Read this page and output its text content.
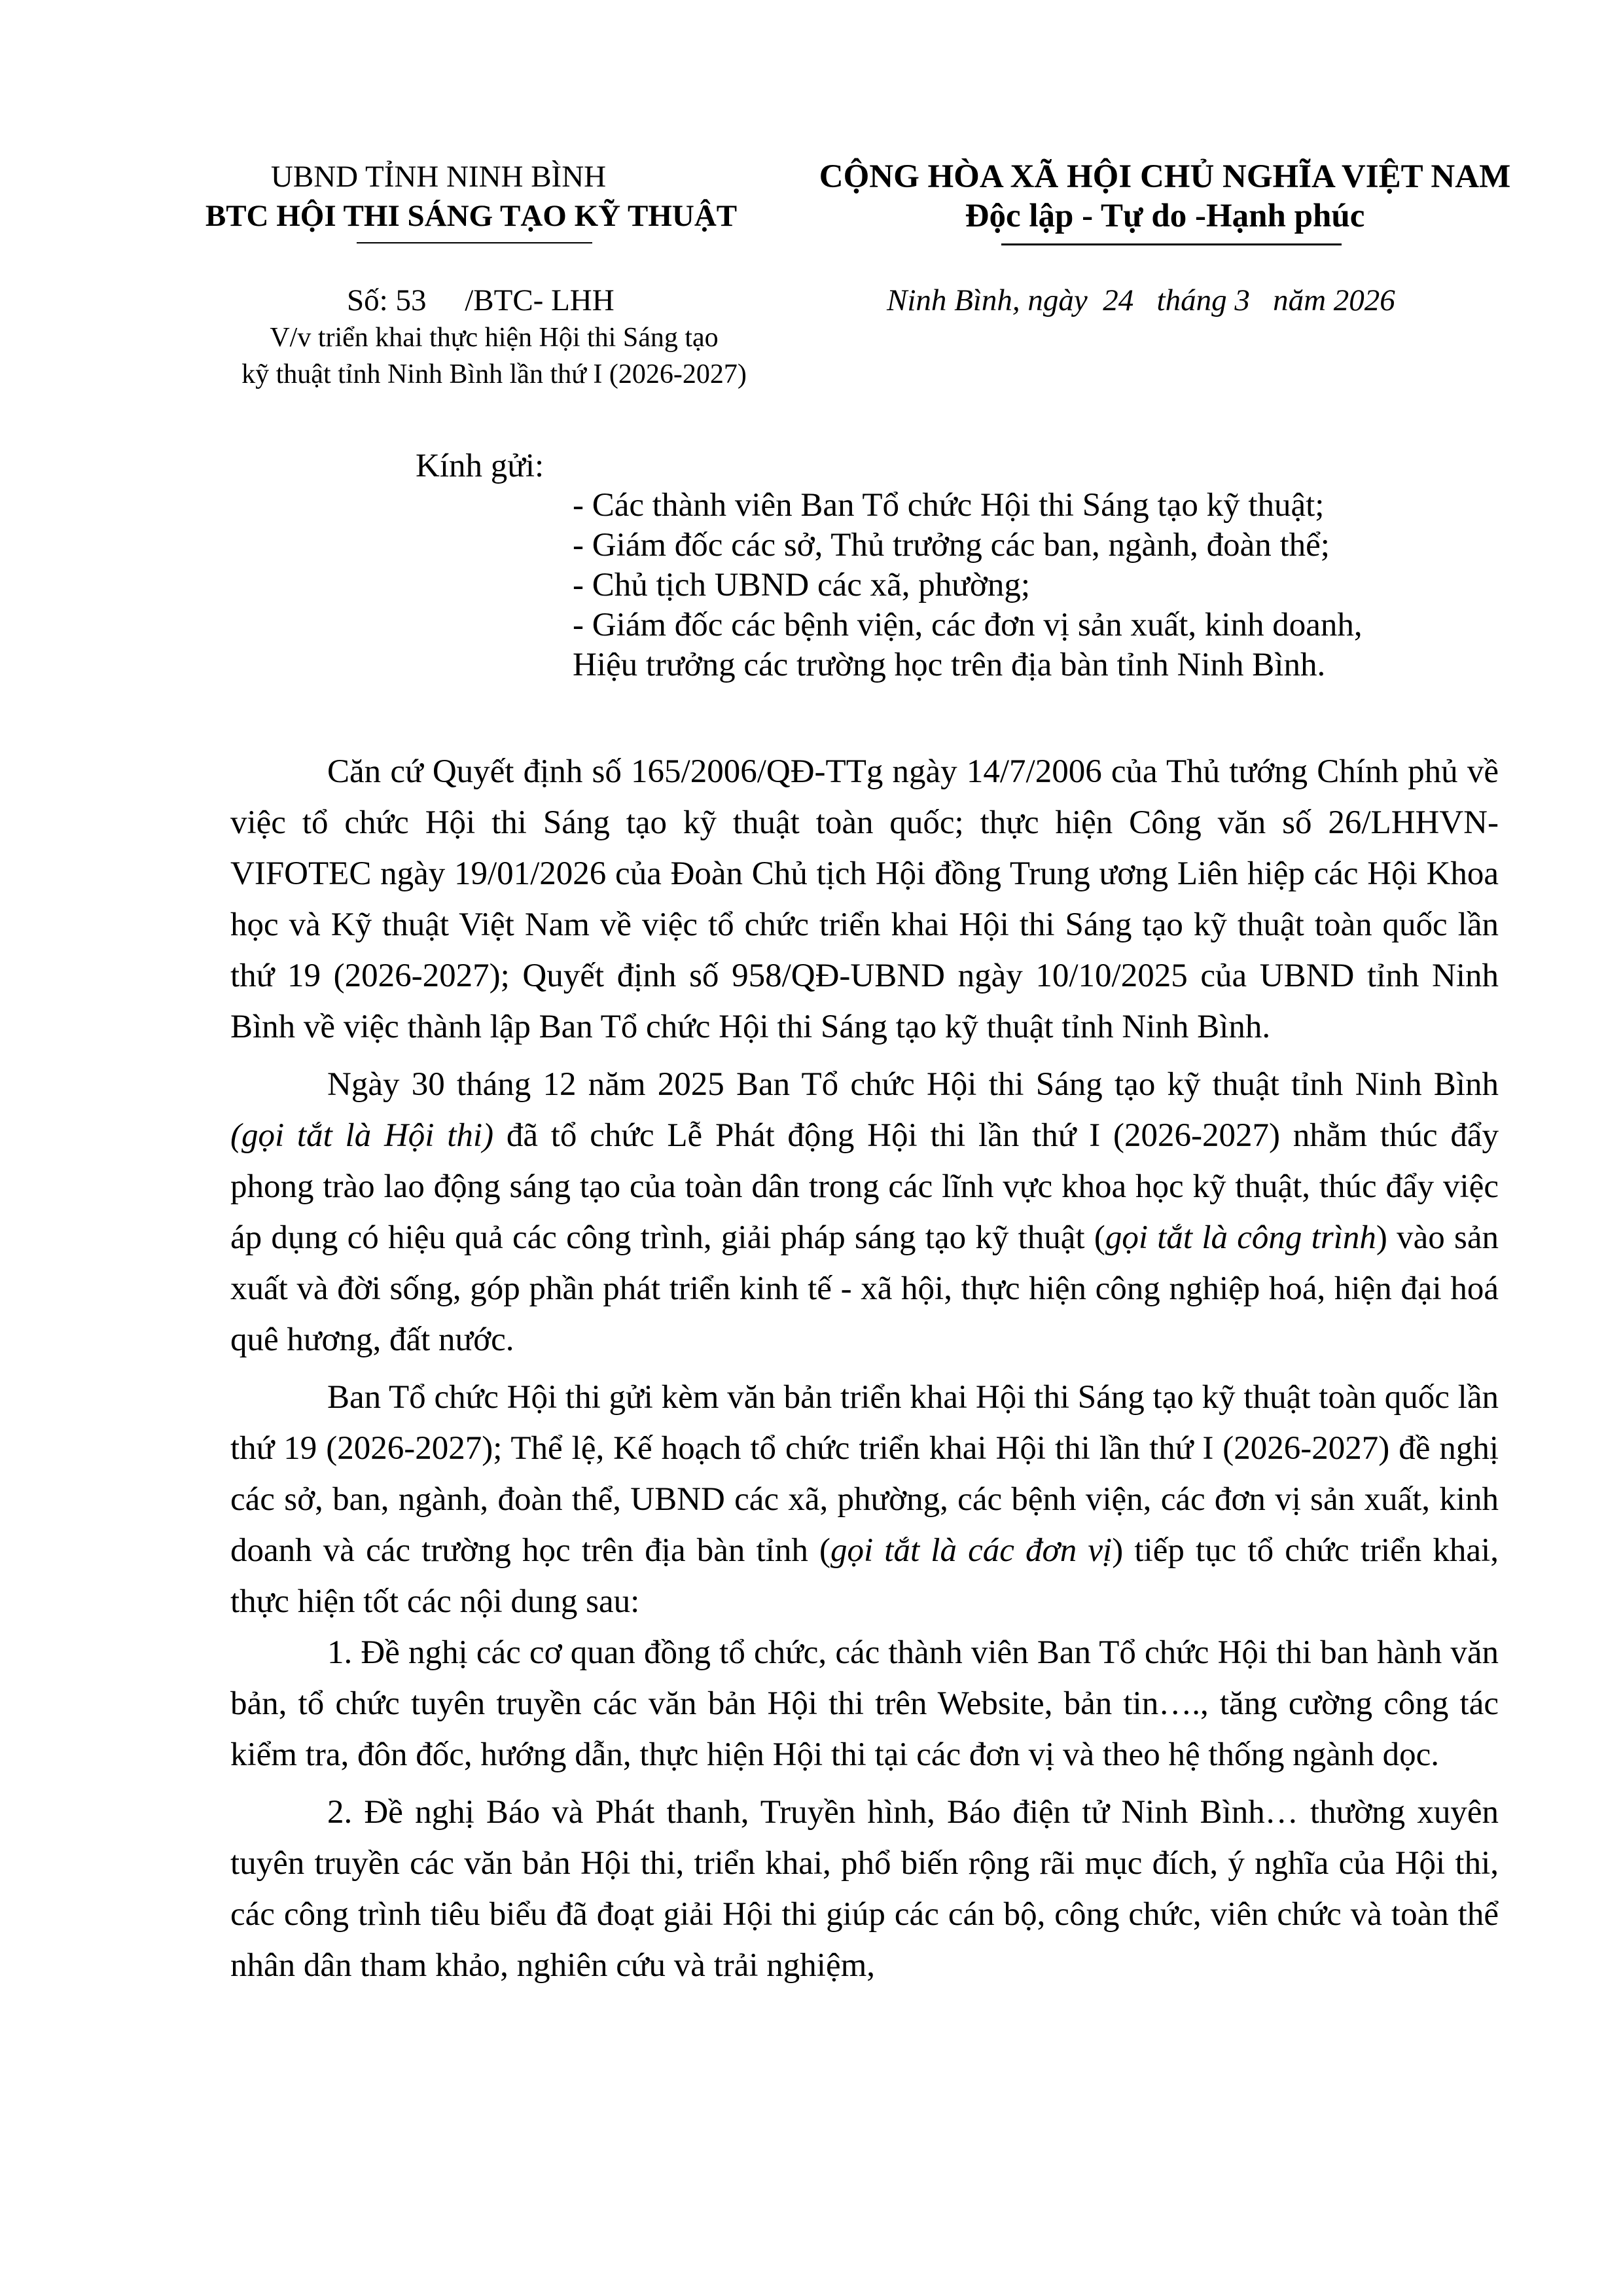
UBND TỈNH NINH BÌNH
BTC HỘI THI SÁNG TẠO KỸ THUẬT
CỘNG HÒA XÃ HỘI CHỦ NGHĨA VIỆT NAM
Độc lập - Tự do -Hạnh phúc
Số: 53     /BTC- LHH	Ninh Bình, ngày  24   tháng 3   năm 2026
V/v triển khai thực hiện Hội thi Sáng tạo
kỹ thuật tỉnh Ninh Bình lần thứ I (2026-2027)
Kính gửi:
- Các thành viên Ban Tổ chức Hội thi Sáng tạo kỹ thuật;
- Giám đốc các sở, Thủ trưởng các ban, ngành, đoàn thể;
- Chủ tịch UBND các xã, phường;
- Giám đốc các bệnh viện, các đơn vị sản xuất, kinh doanh,
Hiệu trưởng các trường học trên địa bàn tỉnh Ninh Bình.

Căn cứ Quyết định số 165/2006/QĐ-TTg ngày 14/7/2006 của Thủ tướng Chính phủ về việc tổ chức Hội thi Sáng tạo kỹ thuật toàn quốc; thực hiện Công văn số 26/LHHVN-VIFOTEC ngày 19/01/2026 của Đoàn Chủ tịch Hội đồng Trung ương Liên hiệp các Hội Khoa học và Kỹ thuật Việt Nam về việc tổ chức triển khai Hội thi Sáng tạo kỹ thuật toàn quốc lần thứ 19 (2026-2027); Quyết định số 958/QĐ-UBND ngày 10/10/2025 của UBND tỉnh Ninh Bình về việc thành lập Ban Tổ chức Hội thi Sáng tạo kỹ thuật tỉnh Ninh Bình.

Ngày 30 tháng 12 năm 2025 Ban Tổ chức Hội thi Sáng tạo kỹ thuật tỉnh Ninh Bình (gọi tắt là Hội thi) đã tổ chức Lễ Phát động Hội thi lần thứ I (2026-2027) nhằm thúc đẩy phong trào lao động sáng tạo của toàn dân trong các lĩnh vực khoa học kỹ thuật, thúc đẩy việc áp dụng có hiệu quả các công trình, giải pháp sáng tạo kỹ thuật (gọi tắt là công trình) vào sản xuất và đời sống, góp phần phát triển kinh tế - xã hội, thực hiện công nghiệp hoá, hiện đại hoá quê hương, đất nước.

Ban Tổ chức Hội thi gửi kèm văn bản triển khai Hội thi Sáng tạo kỹ thuật toàn quốc lần thứ 19 (2026-2027); Thể lệ, Kế hoạch tổ chức triển khai Hội thi lần thứ I (2026-2027) đề nghị các sở, ban, ngành, đoàn thể, UBND các xã, phường, các bệnh viện, các đơn vị sản xuất, kinh doanh và các trường học trên địa bàn tỉnh (gọi tắt là các đơn vị) tiếp tục tổ chức triển khai, thực hiện tốt các nội dung sau:

1. Đề nghị các cơ quan đồng tổ chức, các thành viên Ban Tổ chức Hội thi ban hành văn bản, tổ chức tuyên truyền các văn bản Hội thi trên Website, bản tin…., tăng cường công tác kiểm tra, đôn đốc, hướng dẫn, thực hiện Hội thi tại các đơn vị và theo hệ thống ngành dọc.

2. Đề nghị Báo và Phát thanh, Truyền hình, Báo điện tử Ninh Bình… thường xuyên tuyên truyền các văn bản Hội thi, triển khai, phổ biến rộng rãi mục đích, ý nghĩa của Hội thi, các công trình tiêu biểu đã đoạt giải Hội thi giúp các cán bộ, công chức, viên chức và toàn thể nhân dân tham khảo, nghiên cứu và trải nghiệm,
